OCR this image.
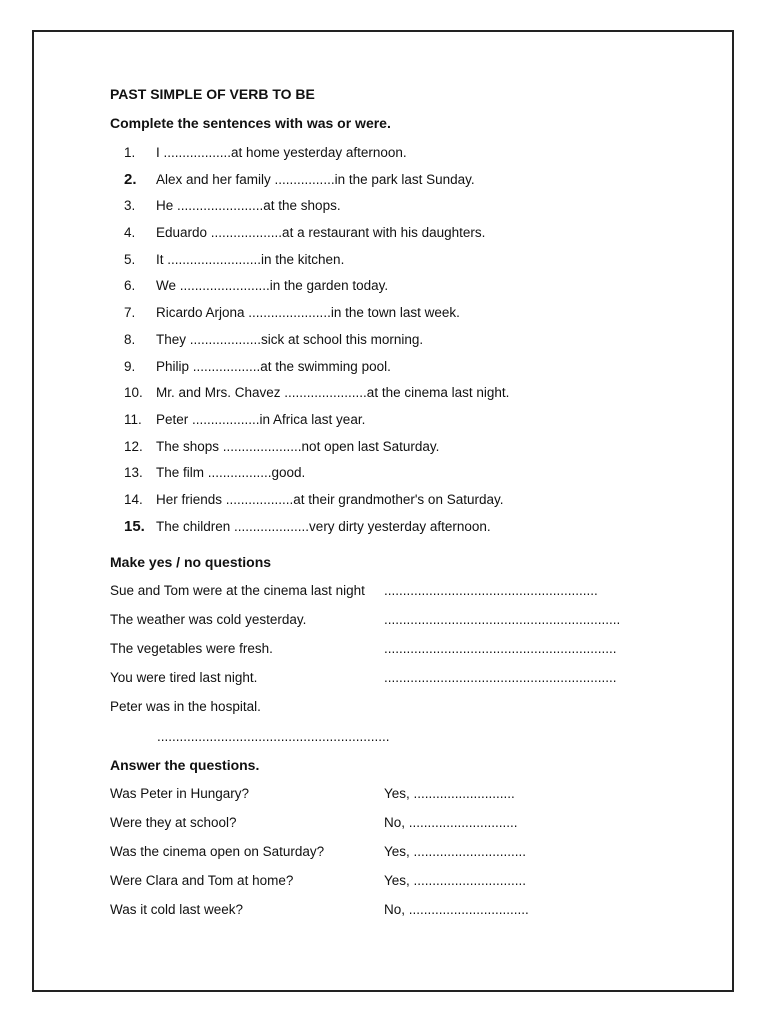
PAST SIMPLE OF VERB TO BE
Complete the sentences with was or were.
1.	I ..................at home yesterday afternoon.
2.	Alex and her family ................in the park last Sunday.
3.	He .......................at the shops.
4.	Eduardo ...................at a restaurant with his daughters.
5.	It .........................in the kitchen.
6.	We ........................in the garden today.
7.	Ricardo Arjona ......................in the town last week.
8.	They ...................sick at school this morning.
9.	Philip ..................at the swimming pool.
10. Mr. and Mrs. Chavez ......................at the cinema last night.
11.	Peter ..................in Africa last year.
12. The shops .....................not open last Saturday.
13. The film .................good.
14. Her friends ..................at their grandmother's on Saturday.
15. The children ....................very dirty yesterday afternoon.
Make yes / no questions
Sue and Tom were at the cinema last night .........................................................
The weather was cold yesterday.	...............................................................
The vegetables were fresh.	..............................................................
You were tired last night.	..............................................................
Peter was in the hospital.
..............................................................
Answer the questions.
Was Peter in Hungary?	Yes, ...........................
Were they at school?	No, .............................
Was the cinema open on Saturday?	Yes, ..............................
Were Clara and Tom at home?	Yes, ..............................
Was it cold last week?	No, ................................
